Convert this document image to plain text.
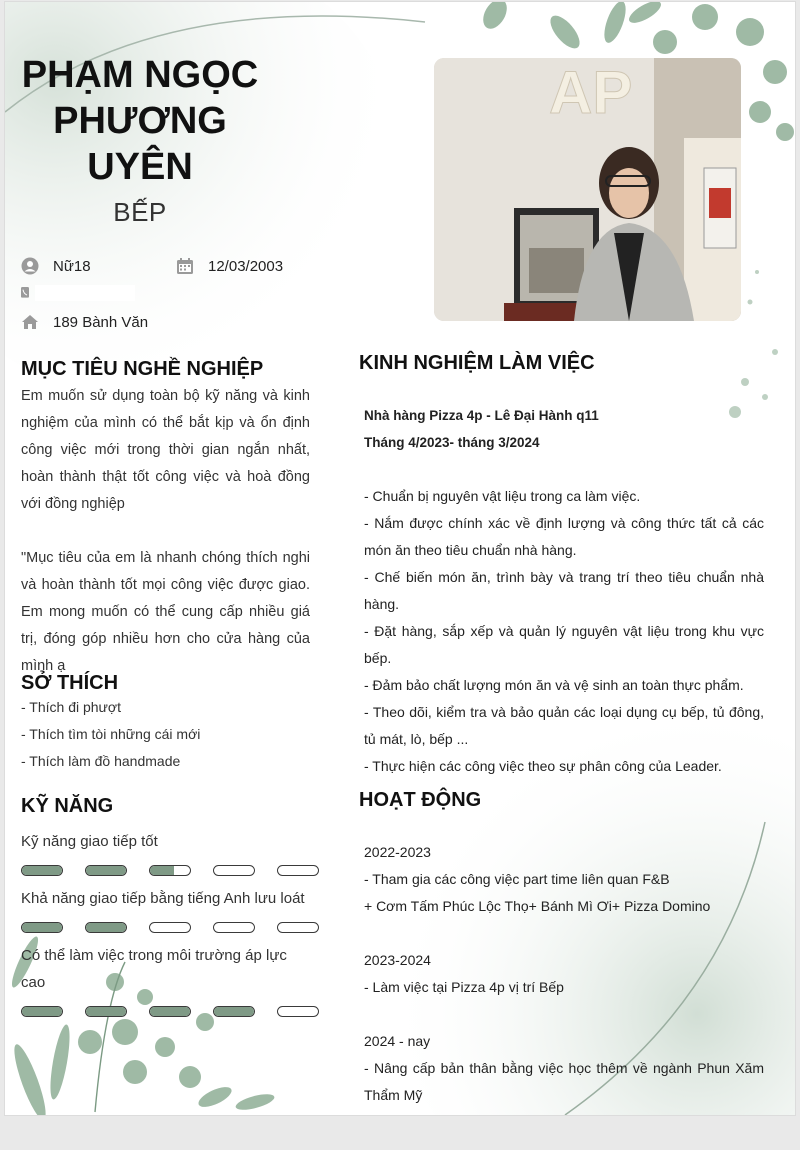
PHẠM NGỌC
PHƯƠNG
UYÊN
BẾP
AP
Nữ18	12/03/2003
189 Bành Văn
MỤC TIÊU NGHỀ NGHIỆP

Em muốn sử dụng toàn bộ kỹ năng và kinh nghiệm của mình có thể bắt kịp và ổn định công việc mới trong thời gian ngắn nhất, hoàn thành thật tốt công việc và hoà đồng với đồng nghiệp

"Mục tiêu của em là nhanh chóng thích nghi và hoàn thành tốt mọi công việc được giao. Em mong muốn có thể cung cấp nhiều giá trị, đóng góp nhiều hơn cho cửa hàng của mình ạ

SỞ THÍCH
- Thích đi phượt
- Thích tìm tòi những cái mới
- Thích làm đồ handmade
KỸ NĂNG
Kỹ năng giao tiếp tốt
Khả năng giao tiếp bằng tiếng Anh lưu loát
Có thể làm việc trong môi trường áp lực cao
KINH NGHIỆM LÀM VIỆC
Nhà hàng Pizza 4p - Lê Đại Hành q11
Tháng 4/2023- tháng 3/2024

- Chuẩn bị nguyên vật liệu trong ca làm việc.
- Nắm được chính xác về định lượng và công thức tất cả các món ăn theo tiêu chuẩn nhà hàng.
- Chế biến món ăn, trình bày và trang trí theo tiêu chuẩn nhà hàng.
- Đặt hàng, sắp xếp và quản lý nguyên vật liệu trong khu vực bếp.
- Đảm bảo chất lượng món ăn và vệ sinh an toàn thực phẩm.
- Theo dõi, kiểm tra và bảo quản các loại dụng cụ bếp, tủ đông, tủ mát, lò, bếp ...
- Thực hiện các công việc theo sự phân công của Leader.
HOẠT ĐỘNG
2022-2023
- Tham gia các công việc part time liên quan F&B
+ Cơm Tấm Phúc Lộc Thọ+ Bánh Mì Ơi+ Pizza Domino

2023-2024
- Làm việc tại Pizza 4p vị trí Bếp

2024 - nay
- Nâng cấp bản thân bằng việc học thêm về ngành Phun Xăm Thẩm Mỹ
